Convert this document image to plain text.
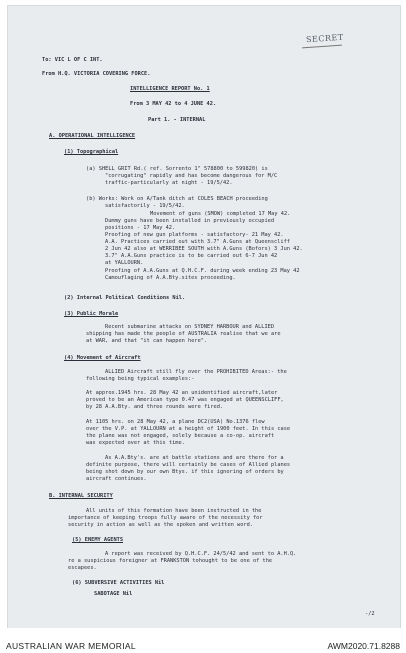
SECRET
To: VIC L OF C INT.
From H.Q. VICTORIA COVERING FORCE.
INTELLIGENCE REPORT No. 1
From 3 MAY 42 to 4 JUNE 42.
Part 1. - INTERNAL
A. OPERATIONAL INTELLIGENCE
(1) Topographical
(a) SHELL GRIT Rd.( ref. Sorrento 1" 578800 to 599820) is
"corrugating" rapidly and has become dangerous for M/C
traffic-particularly at night - 19/5/42.
(b) Works: Work on A/Tank ditch at COLES BEACH proceeding
satisfactorily - 19/5/42.
Movement of guns (SMOW) completed 17 May 42.
Dummy guns have been installed in previously occupied
positions - 17 May 42.
Proofing of new gun platforms - satisfactory- 21 May 42.
A.A. Practices carried out with 3.7" A.Guns at Queenscliff
2 Jun 42 also at WERRIBEE SOUTH with A.Guns (Bofors) 3 Jun 42.
3.7" A.A.Guns practice is to be carried out 6-7 Jun 42
at YALLOURN.
Proofing of A.A.Guns at Q.H.C.F. during week ending 23 May 42
Camouflaging of A.A.Bty.sites proceeding.
(2) Internal Political Conditions Nil.
(3) Public Morale
Recent submarine attacks on SYDNEY HARBOUR and ALLIED
shipping has made the people of AUSTRALIA realise that we are
at WAR, and that "it can happen here".
(4) Movement of Aircraft
ALLIED Aircraft still fly over the PROHIBITED Areas:- the
following being typical examples:-
At approx.1945 hrs. 28 May 42 an unidentified aircraft,later
proved to be an American type 0.47 was engaged at QUEENSCLIFF,
by 28 A.A.Bty. and three rounds were fired.
At 1105 hrs. on 28 May 42, a plane DC2(USA) No.1376 flew
over the V.P. at YALLOURN at a height of 1900 feet. In this case
the plane was not engaged, solely because a co-op. aircraft
was expected over at this time.
As A.A.Bty's. are at battle stations and are there for a
definite purpose, there will certainly be cases of Allied planes
being shot down by our own Btys. if this ignoring of orders by
aircraft continues.
B. INTERNAL SECURITY
All units of this formation have been instructed in the
importance of keeping troops fully aware of the necessity for
security in action as well as the spoken and written word.
(5) ENEMY AGENTS
A report was received by Q.H.C.F. 24/5/42 and sent to A.H.Q.
re a suspicious foreigner at FRANKSTON tohought to be one of the
escapees.
(6) SUBVERSIVE ACTIVITIES Nil
SABOTAGE Nil
-/2
AUSTRALIAN WAR MEMORIAL	AWM2020.71.8288
